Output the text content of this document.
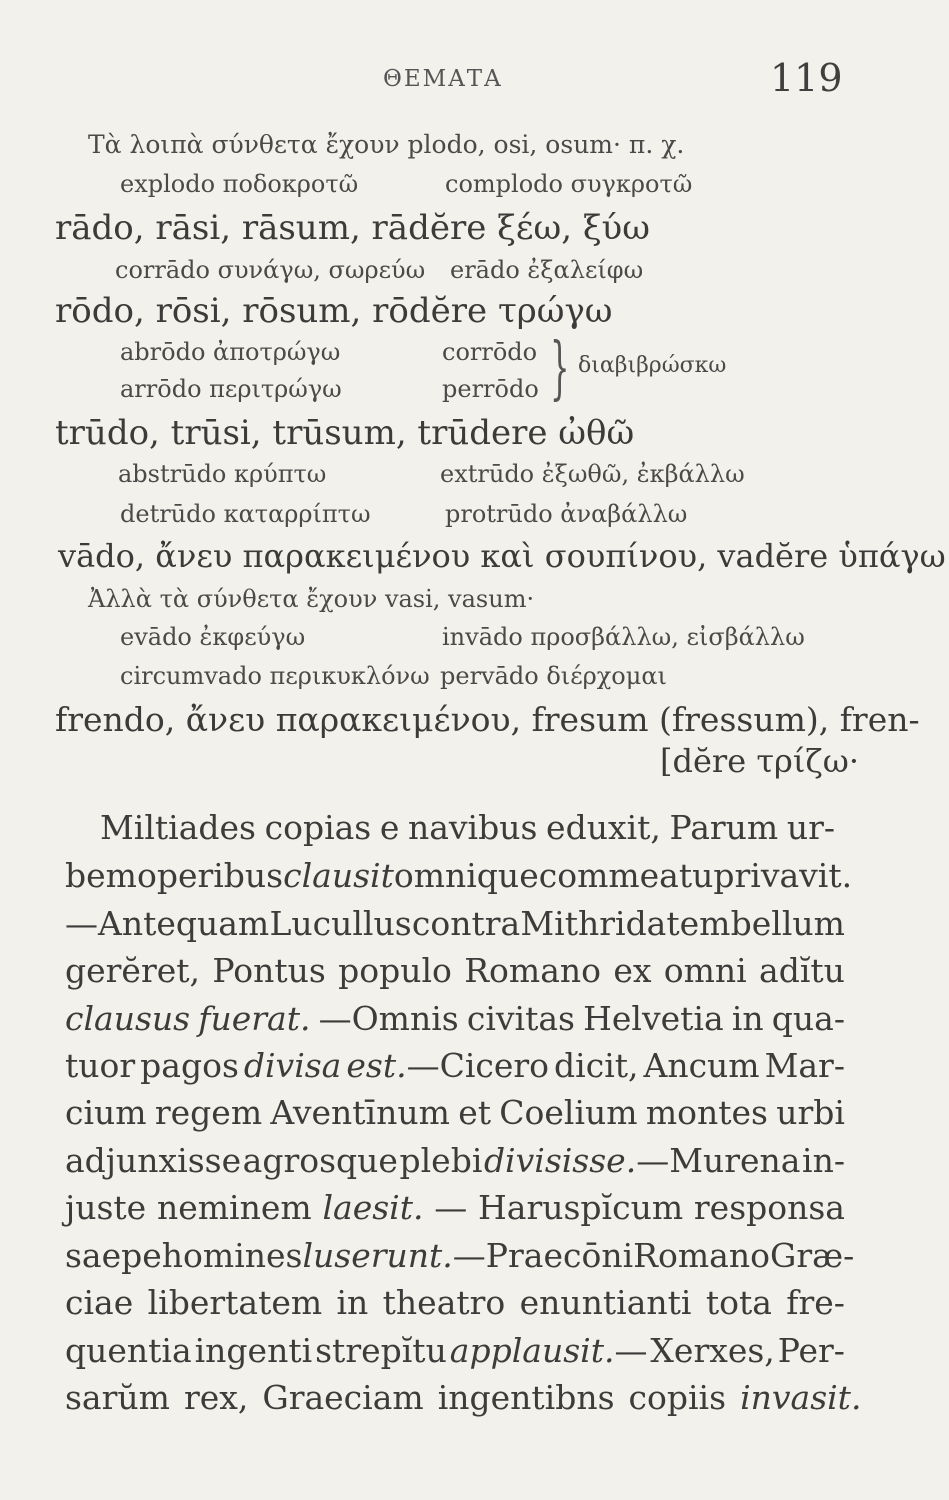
ΘΕΜΑΤΑ	119
Τὰ λοιπὰ σύνθετα ἔχουν plodo, osi, osum· π. χ.
explodo ποδοκροτῶ	complodo συγκροτῶ
rādo, rāsi, rāsum, rādĕre ξέω, ξύω
corrādo συνάγω, σωρεύω erādo ἐξαλείφω
rōdo, rōsi, rōsum, rōdĕre τρώγω
abrōdo ἀποτρώγω	corrōdo
arrōdo περιτρώγω	perrōdo } διαβιβρώσκω
trūdo, trūsi, trūsum, trūdere ὠθῶ
abstrūdo κρύπτω	extrūdo ἐξωθῶ, ἐκβάλλω
detrūdo καταρρίπτω	protrūdo ἀναβάλλω
vādo, ἄνευ παρακειμένου καὶ σουπίνου, vadĕre ὑπάγω
Ἀλλὰ τὰ σύνθετα ἔχουν vasi, vasum·
evādo ἐκφεύγω	invādo προσβάλλω, εἰσβάλλω
circumvado περικυκλόνω pervādo διέρχομαι
frendo, ἄνευ παρακειμένου, fresum (fressum), fren-
[dĕre τρίζω·
Miltiades copias e navibus eduxit, Parum ur-
bem operibus clausit omnique commeatu privavit.
—Antequam Lucullus contra Mithridatem bellum
gerĕret, Pontus populo Romano ex omni adĭtu
clausus fuerat. —Omnis civitas Helvetia in qua-
tuor pagos divisa est.—Cicero dicit, Ancum Mar-
cium regem Aventīnum et Coelium montes urbi
adjunxisse agrosque plebi divisisse.—Murena in-
juste neminem laesit. — Haruspĭcum responsa
saepe homines luserunt.—Praecōni Romano Græ-
ciae libertatem in theatro enuntianti tota fre-
quentia ingenti strepĭtu applausit.— Xerxes, Per-
sarŭm rex, Graeciam ingentibns copiis invasit.
